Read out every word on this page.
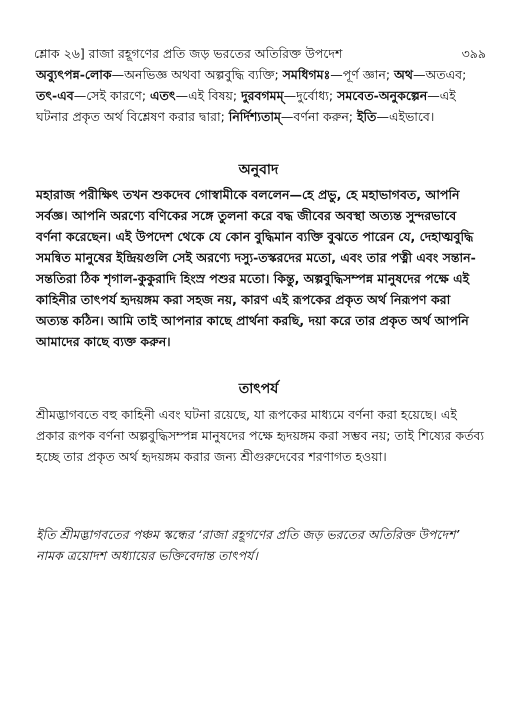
শ্লোক ২৬] রাজা রহূগণের প্রতি জড় ভরতের অতিরিক্ত উপদেশ	৩৯৯

অব্যুৎপন্ন-লোক—অনভিজ্ঞ অথবা অল্পবুদ্ধি ব্যক্তি; সমধিগমঃ—পূর্ণ জ্ঞান; অথ—অতএব; তৎ-এব—সেই কারণে; এতৎ—এই বিষয়; দুরবগমম্—দুর্বোধ্য; সমবেত-অনুকল্পেন—এই ঘটনার প্রকৃত অর্থ বিশ্লেষণ করার দ্বারা; নির্দিশ্যতাম্—বর্ণনা করুন; ইতি—এইভাবে।

অনুবাদ

মহারাজ পরীক্ষিৎ তখন শুকদেব গোস্বামীকে বললেন—হে প্রভু, হে মহাভাগবত, আপনি সর্বজ্ঞ। আপনি অরণ্যে বণিকের সঙ্গে তুলনা করে বদ্ধ জীবের অবস্থা অত্যন্ত সুন্দরভাবে বর্ণনা করেছেন। এই উপদেশ থেকে যে কোন বুদ্ধিমান ব্যক্তি বুঝতে পারেন যে, দেহাত্মবুদ্ধি সমন্বিত মানুষের ইন্দ্রিয়গুলি সেই অরণ্যে দস্যু-তস্করদের মতো, এবং তার পত্নী এবং সন্তান-সন্ততিরা ঠিক শৃগাল-কুকুরাদি হিংস্র পশুর মতো। কিন্তু, অল্পবুদ্ধিসম্পন্ন মানুষদের পক্ষে এই কাহিনীর তাৎপর্য হৃদয়ঙ্গম করা সহজ নয়, কারণ এই রূপকের প্রকৃত অর্থ নিরূপণ করা অত্যন্ত কঠিন। আমি তাই আপনার কাছে প্রার্থনা করছি, দয়া করে তার প্রকৃত অর্থ আপনি আমাদের কাছে ব্যক্ত করুন।

তাৎপর্য

শ্রীমদ্ভাগবতে বহু কাহিনী এবং ঘটনা রয়েছে, যা রূপকের মাধ্যমে বর্ণনা করা হয়েছে। এই প্রকার রূপক বর্ণনা অল্পবুদ্ধিসম্পন্ন মানুষদের পক্ষে হৃদয়ঙ্গম করা সম্ভব নয়; তাই শিষ্যের কর্তব্য হচ্ছে তার প্রকৃত অর্থ হৃদয়ঙ্গম করার জন্য শ্রীগুরুদেবের শরণাগত হওয়া।

ইতি শ্রীমদ্ভাগবতের পঞ্চম স্কন্ধের ‘রাজা রহূগণের প্রতি জড় ভরতের অতিরিক্ত উপদেশ’ নামক ত্রয়োদশ অধ্যায়ের ভক্তিবেদান্ত তাৎপর্য।
